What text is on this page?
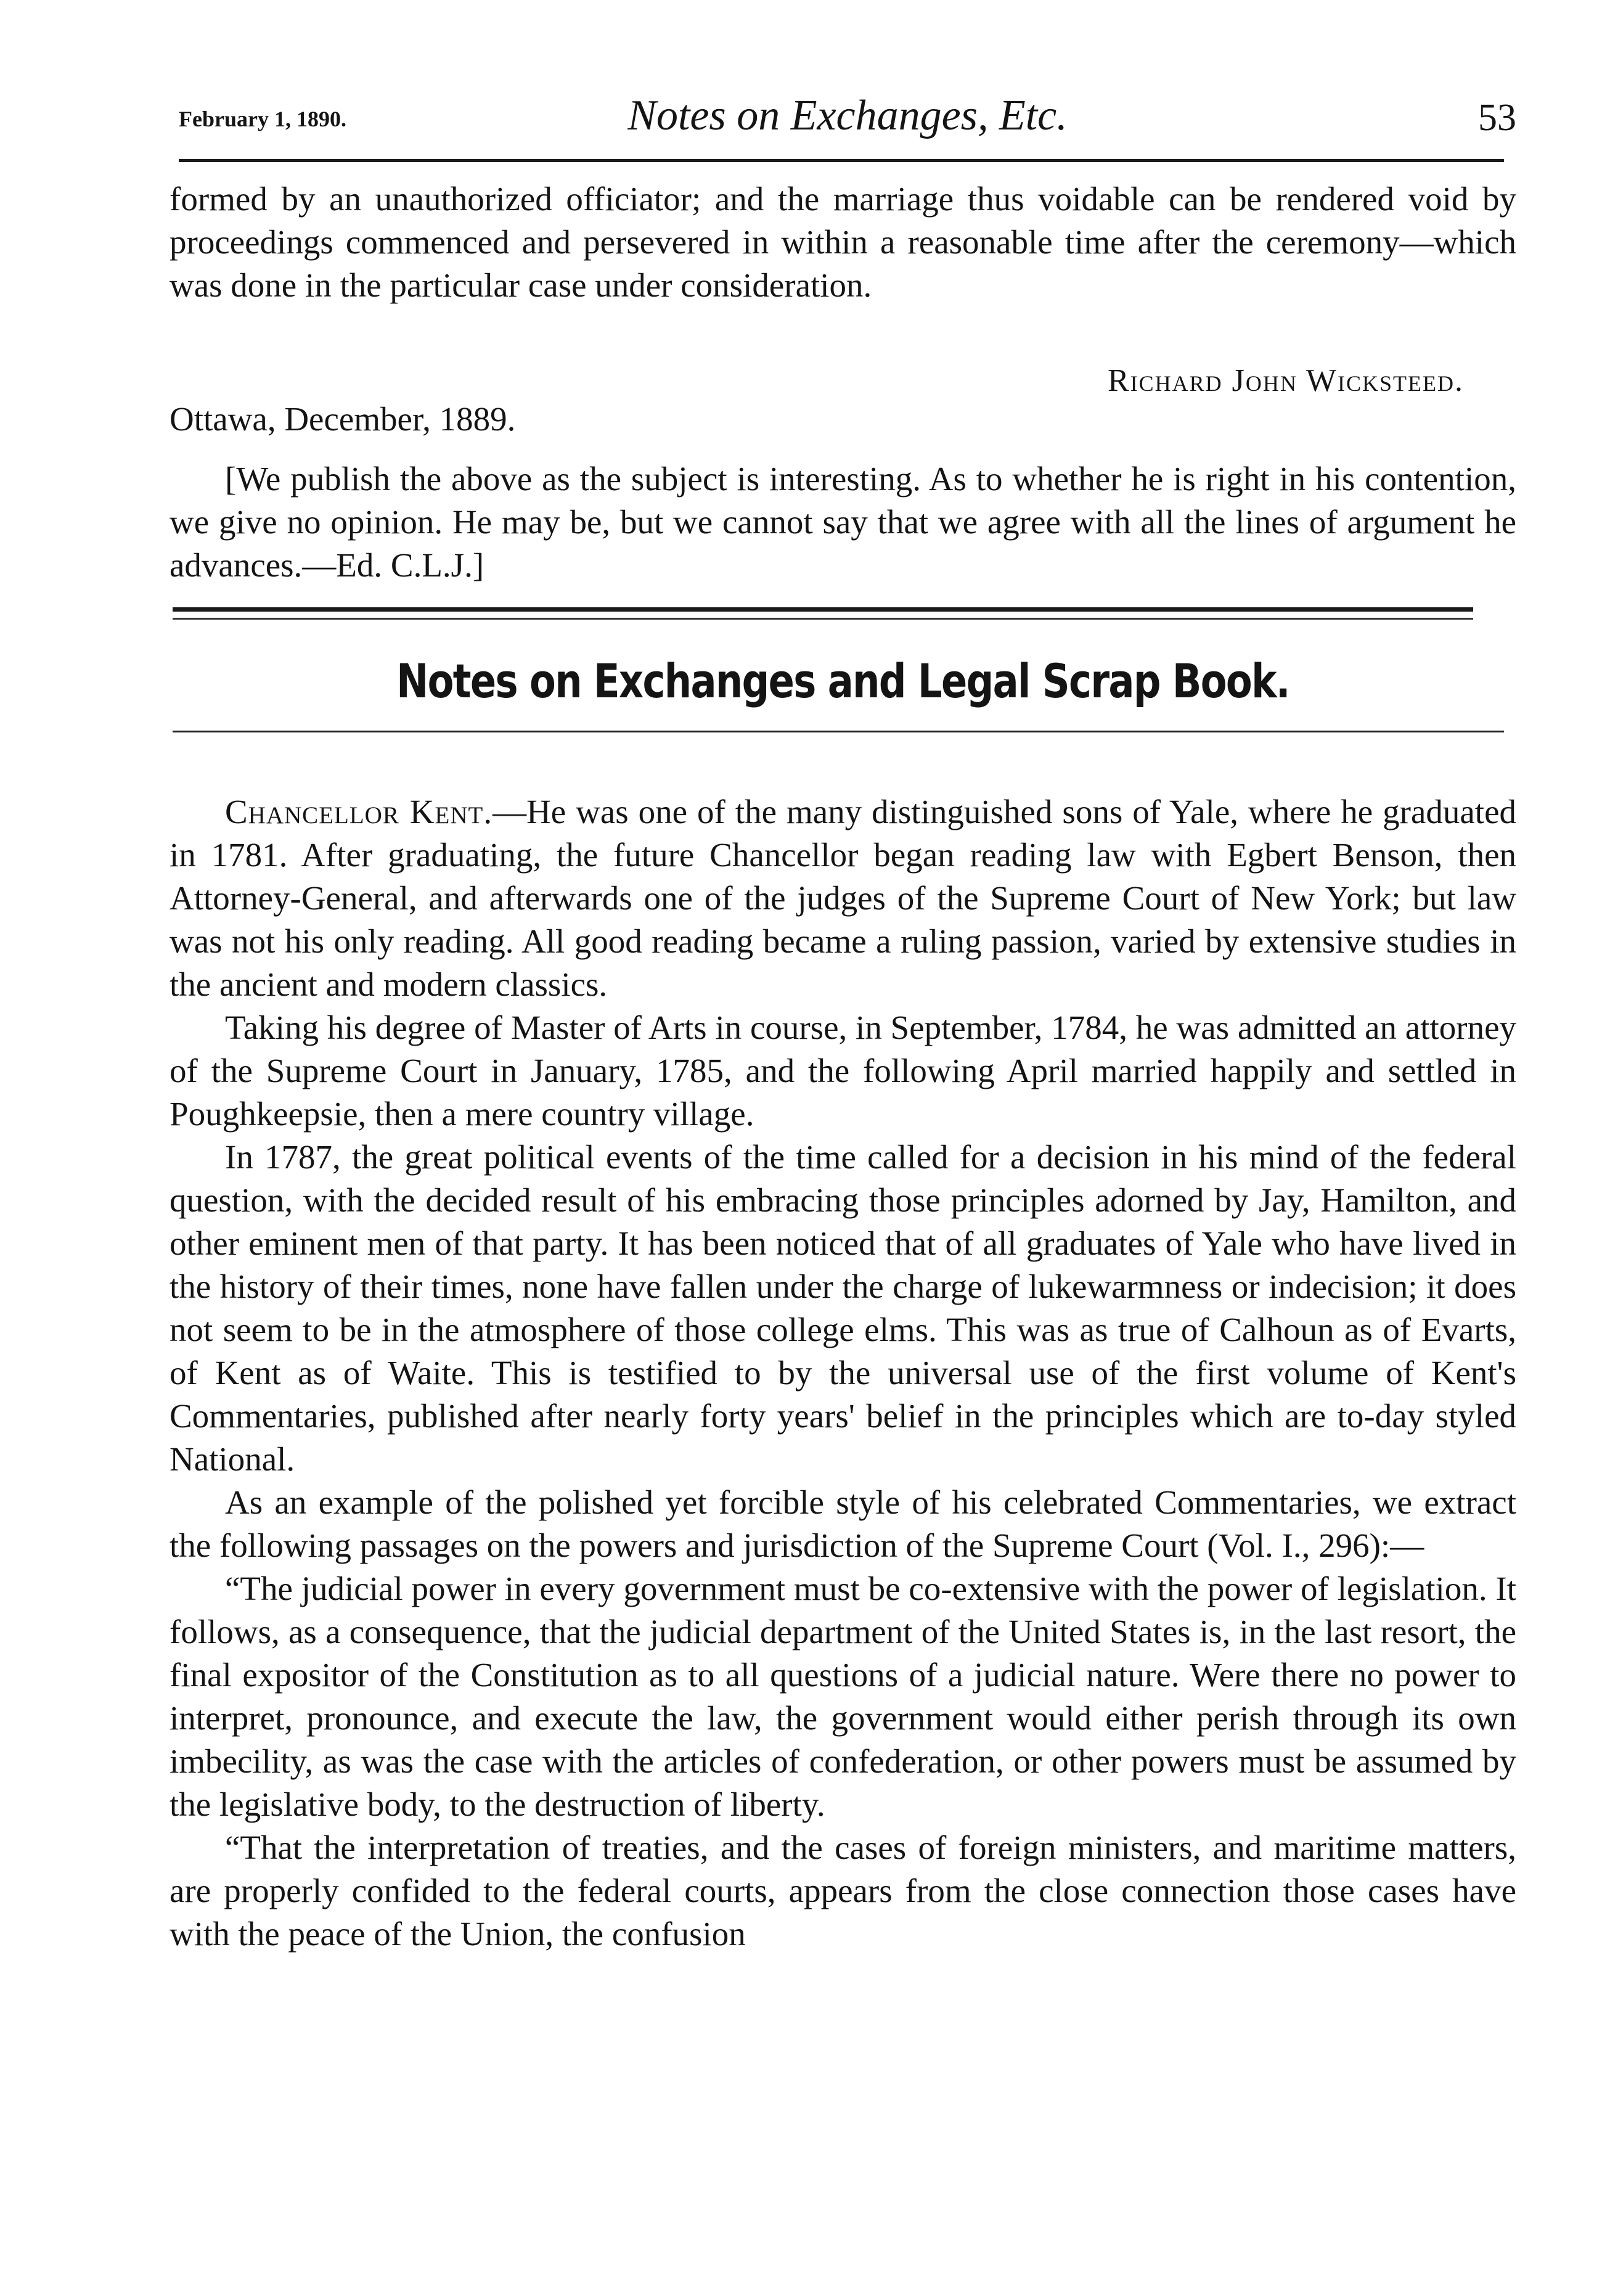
February 1, 1890.	Notes on Exchanges, Etc.	53

formed by an unauthorized officiator; and the marriage thus voidable can be rendered void by proceedings commenced and persevered in within a reasonable time after the ceremony—which was done in the particular case under consideration.

Richard John Wicksteed.
Ottawa, December, 1889.

[We publish the above as the subject is interesting. As to whether he is right in his contention, we give no opinion. He may be, but we cannot say that we agree with all the lines of argument he advances.—Ed. C.L.J.]

Notes on Exchanges and Legal Scrap Book.

Chancellor Kent.—He was one of the many distinguished sons of Yale, where he graduated in 1781. After graduating, the future Chancellor began reading law with Egbert Benson, then Attorney-General, and afterwards one of the judges of the Supreme Court of New York; but law was not his only reading. All good reading became a ruling passion, varied by extensive studies in the ancient and modern classics.

Taking his degree of Master of Arts in course, in September, 1784, he was admitted an attorney of the Supreme Court in January, 1785, and the following April married happily and settled in Poughkeepsie, then a mere country village.

In 1787, the great political events of the time called for a decision in his mind of the federal question, with the decided result of his embracing those principles adorned by Jay, Hamilton, and other eminent men of that party. It has been noticed that of all graduates of Yale who have lived in the history of their times, none have fallen under the charge of lukewarmness or indecision; it does not seem to be in the atmosphere of those college elms. This was as true of Calhoun as of Evarts, of Kent as of Waite. This is testified to by the universal use of the first volume of Kent's Commentaries, published after nearly forty years' belief in the principles which are to-day styled National.

As an example of the polished yet forcible style of his celebrated Commentaries, we extract the following passages on the powers and jurisdiction of the Supreme Court (Vol. I., 296):—

“The judicial power in every government must be co-extensive with the power of legislation. It follows, as a consequence, that the judicial department of the United States is, in the last resort, the final expositor of the Constitution as to all questions of a judicial nature. Were there no power to interpret, pronounce, and execute the law, the government would either perish through its own imbecility, as was the case with the articles of confederation, or other powers must be assumed by the legislative body, to the destruction of liberty.

“That the interpretation of treaties, and the cases of foreign ministers, and maritime matters, are properly confided to the federal courts, appears from the close connection those cases have with the peace of the Union, the confusion
